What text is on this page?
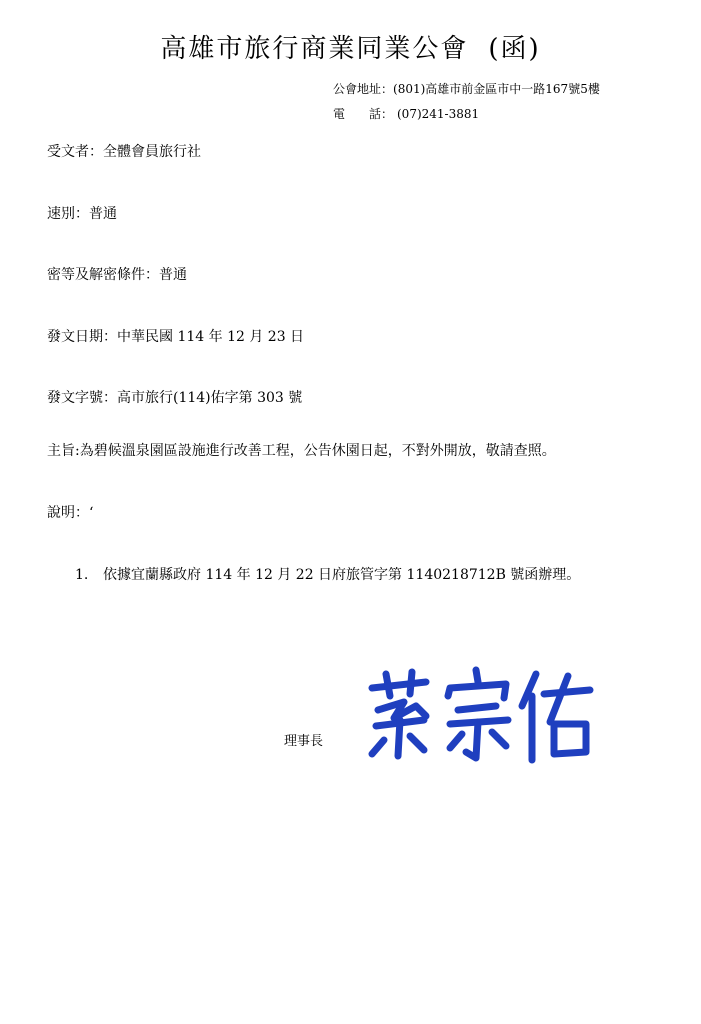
高雄市旅行商業同業公會 (函)
公會地址：(801)高雄市前金區市中一路167號5樓
電　　話： (07)241-3881
受文者：全體會員旅行社
速別：普通
密等及解密條件：普通
發文日期：中華民國 114 年 12 月 23 日
發文字號：高市旅行(114)佑字第 303 號
主旨:為碧候溫泉園區設施進行改善工程，公告休園日起，不對外開放，敬請查照。
說明：‘
1. 依據宜蘭縣政府 114 年 12 月 22 日府旅管字第 1140218712B 號函辦理。
理事長
